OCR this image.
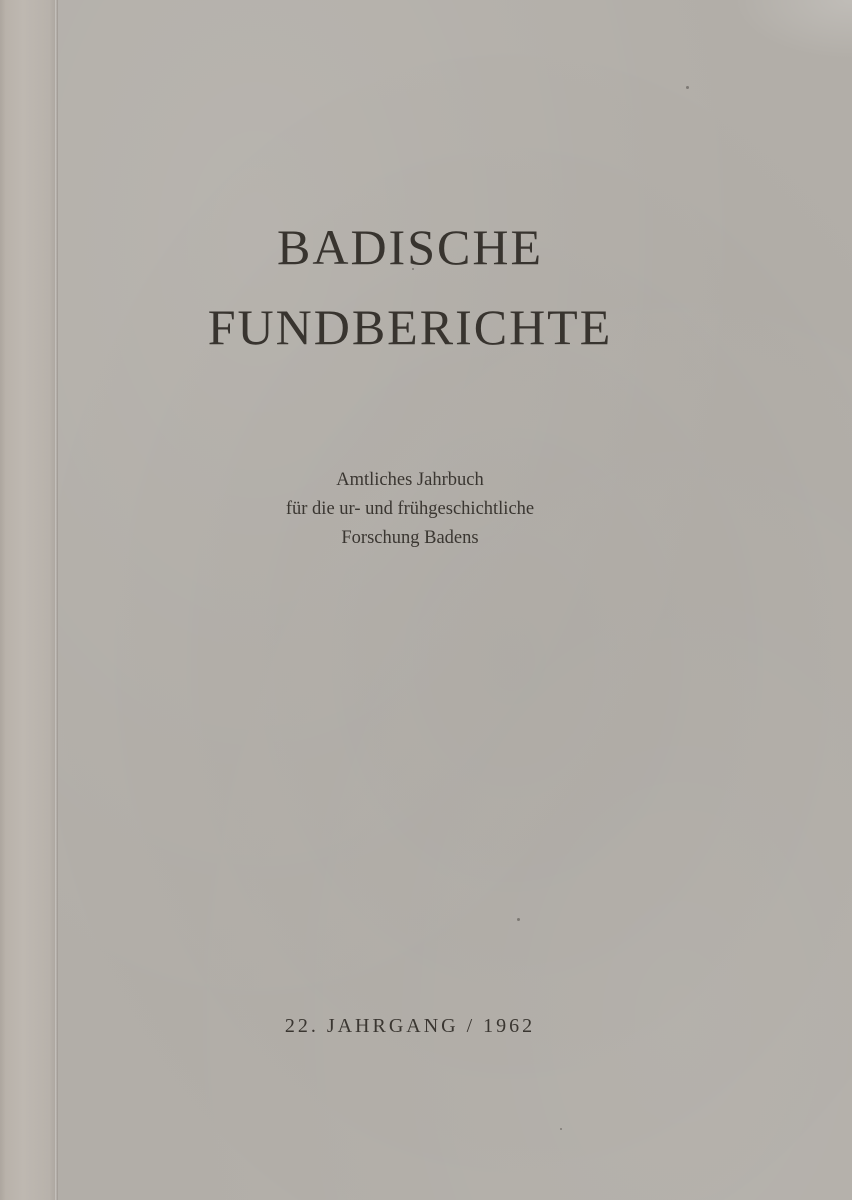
BADISCHE
FUNDBERICHTE
Amtliches Jahrbuch
für die ur- und frühgeschichtliche
Forschung Badens
22. JAHRGANG / 1962
